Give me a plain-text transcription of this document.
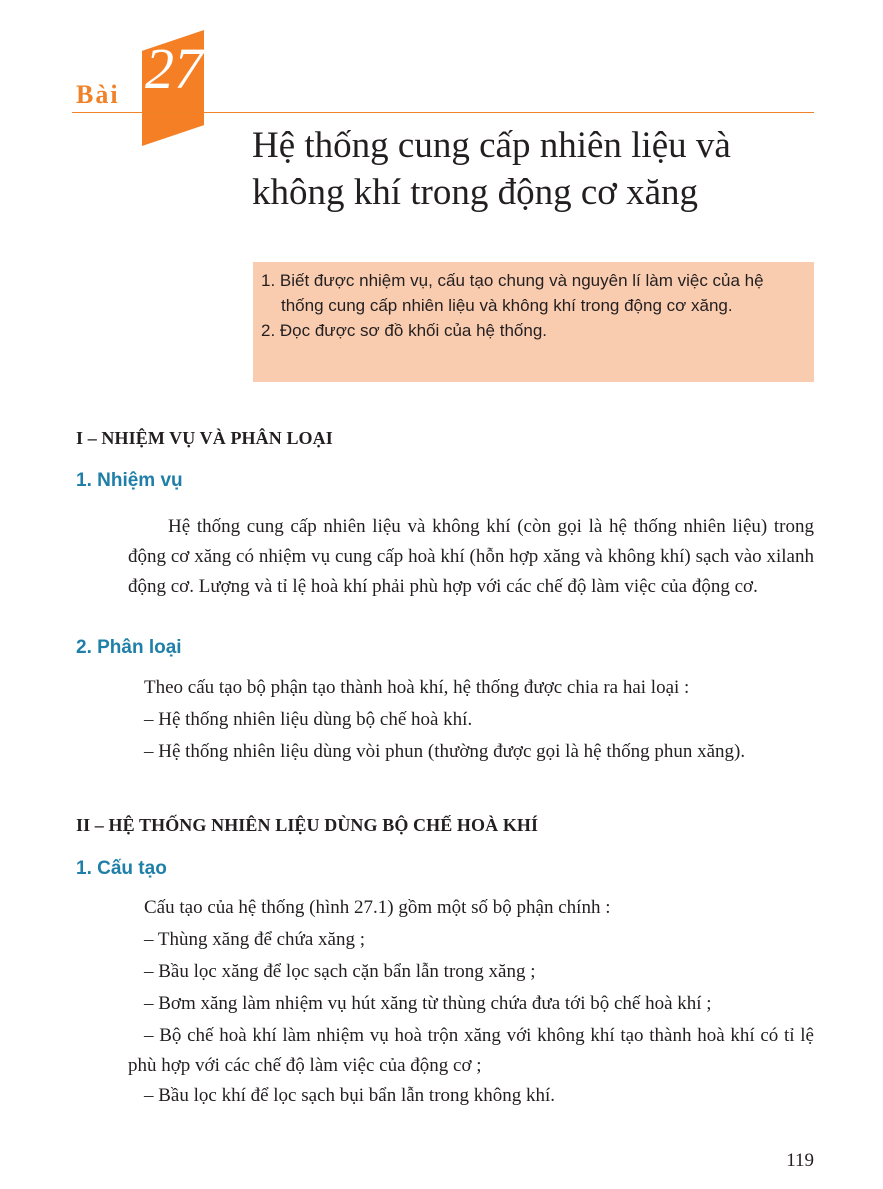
Bài 27
Hệ thống cung cấp nhiên liệu và
không khí trong động cơ xăng
1. Biết được nhiệm vụ, cấu tạo chung và nguyên lí làm việc của hệ thống cung cấp nhiên liệu và không khí trong động cơ xăng.
2. Đọc được sơ đồ khối của hệ thống.
I – NHIỆM VỤ VÀ PHÂN LOẠI
1. Nhiệm vụ
Hệ thống cung cấp nhiên liệu và không khí (còn gọi là hệ thống nhiên liệu) trong động cơ xăng có nhiệm vụ cung cấp hoà khí (hỗn hợp xăng và không khí) sạch vào xilanh động cơ. Lượng và tỉ lệ hoà khí phải phù hợp với các chế độ làm việc của động cơ.
2. Phân loại
Theo cấu tạo bộ phận tạo thành hoà khí, hệ thống được chia ra hai loại :
– Hệ thống nhiên liệu dùng bộ chế hoà khí.
– Hệ thống nhiên liệu dùng vòi phun (thường được gọi là hệ thống phun xăng).
II – HỆ THỐNG NHIÊN LIỆU DÙNG BỘ CHẾ HOÀ KHÍ
1. Cấu tạo
Cấu tạo của hệ thống (hình 27.1) gồm một số bộ phận chính :
– Thùng xăng để chứa xăng ;
– Bầu lọc xăng để lọc sạch cặn bẩn lẫn trong xăng ;
– Bơm xăng làm nhiệm vụ hút xăng từ thùng chứa đưa tới bộ chế hoà khí ;
– Bộ chế hoà khí làm nhiệm vụ hoà trộn xăng với không khí tạo thành hoà khí có tỉ lệ phù hợp với các chế độ làm việc của động cơ ;
– Bầu lọc khí để lọc sạch bụi bẩn lẫn trong không khí.
119
